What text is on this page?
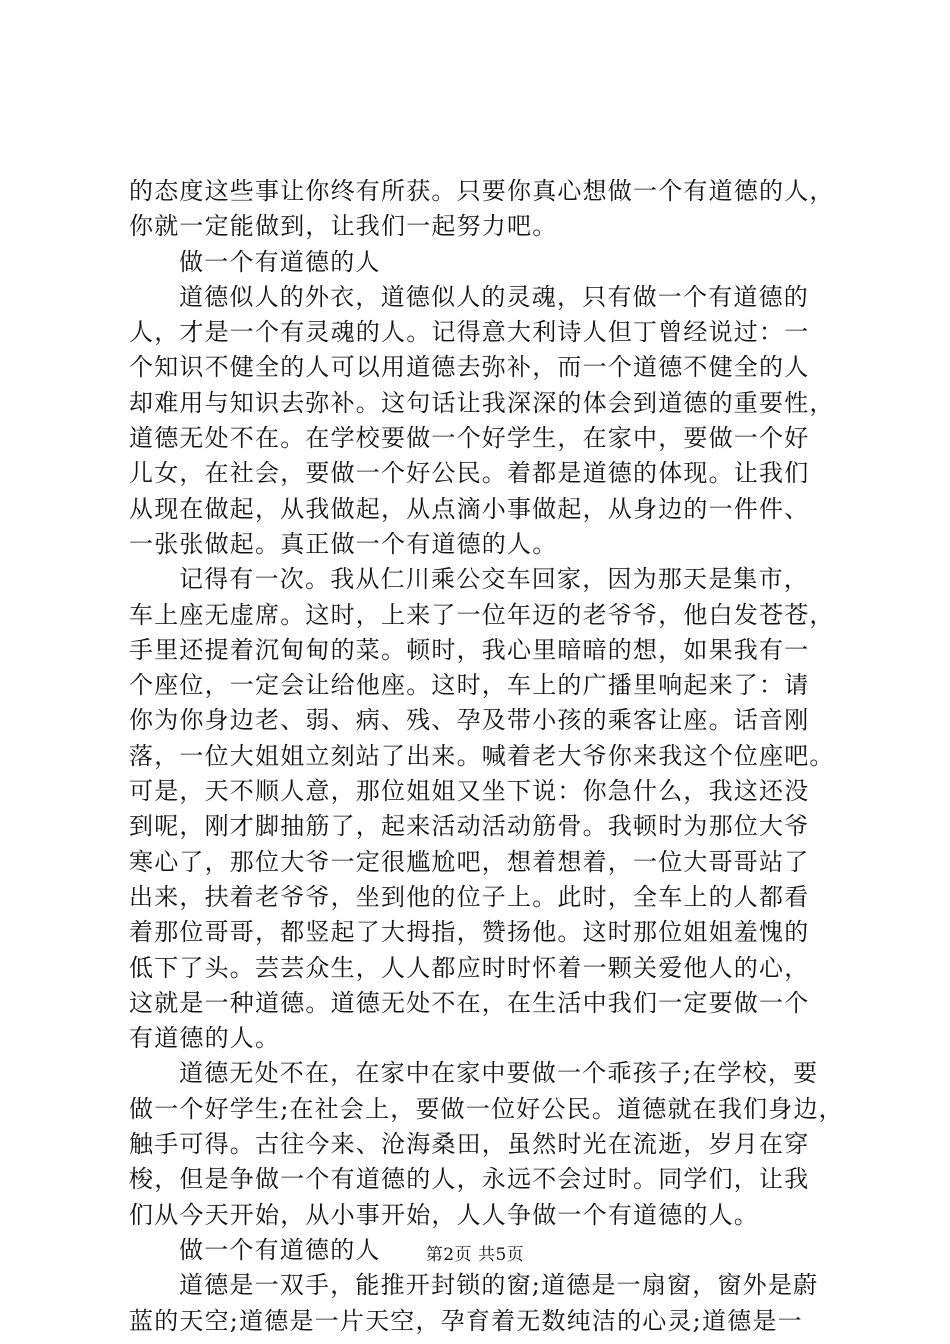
的态度这些事让你终有所获。只要你真心想做一个有道德的人，
你就一定能做到，让我们一起努力吧。
做一个有道德的人
道德似人的外衣，道德似人的灵魂，只有做一个有道德的
人，才是一个有灵魂的人。记得意大利诗人但丁曾经说过：一
个知识不健全的人可以用道德去弥补，而一个道德不健全的人
却难用与知识去弥补。这句话让我深深的体会到道德的重要性，
道德无处不在。在学校要做一个好学生，在家中，要做一个好
儿女，在社会，要做一个好公民。着都是道德的体现。让我们
从现在做起，从我做起，从点滴小事做起，从身边的一件件、
一张张做起。真正做一个有道德的人。
记得有一次。我从仁川乘公交车回家，因为那天是集市，
车上座无虚席。这时，上来了一位年迈的老爷爷，他白发苍苍，
手里还提着沉甸甸的菜。顿时，我心里暗暗的想，如果我有一
个座位，一定会让给他座。这时，车上的广播里响起来了：请
你为你身边老、弱、病、残、孕及带小孩的乘客让座。话音刚
落，一位大姐姐立刻站了出来。喊着老大爷你来我这个位座吧。
可是，天不顺人意，那位姐姐又坐下说：你急什么，我这还没
到呢，刚才脚抽筋了，起来活动活动筋骨。我顿时为那位大爷
寒心了，那位大爷一定很尴尬吧，想着想着，一位大哥哥站了
出来，扶着老爷爷，坐到他的位子上。此时，全车上的人都看
着那位哥哥，都竖起了大拇指，赞扬他。这时那位姐姐羞愧的
低下了头。芸芸众生，人人都应时时怀着一颗关爱他人的心，
这就是一种道德。道德无处不在，在生活中我们一定要做一个
有道德的人。
道德无处不在，在家中在家中要做一个乖孩子;在学校，要
做一个好学生;在社会上，要做一位好公民。道德就在我们身边，
触手可得。古往今来、沧海桑田，虽然时光在流逝，岁月在穿
梭，但是争做一个有道德的人，永远不会过时。同学们，让我
们从今天开始，从小事开始，人人争做一个有道德的人。
做一个有道德的人
道德是一双手，能推开封锁的窗;道德是一扇窗，窗外是蔚
蓝的天空;道德是一片天空，孕育着无数纯洁的心灵;道德是一
第2页 共5页
